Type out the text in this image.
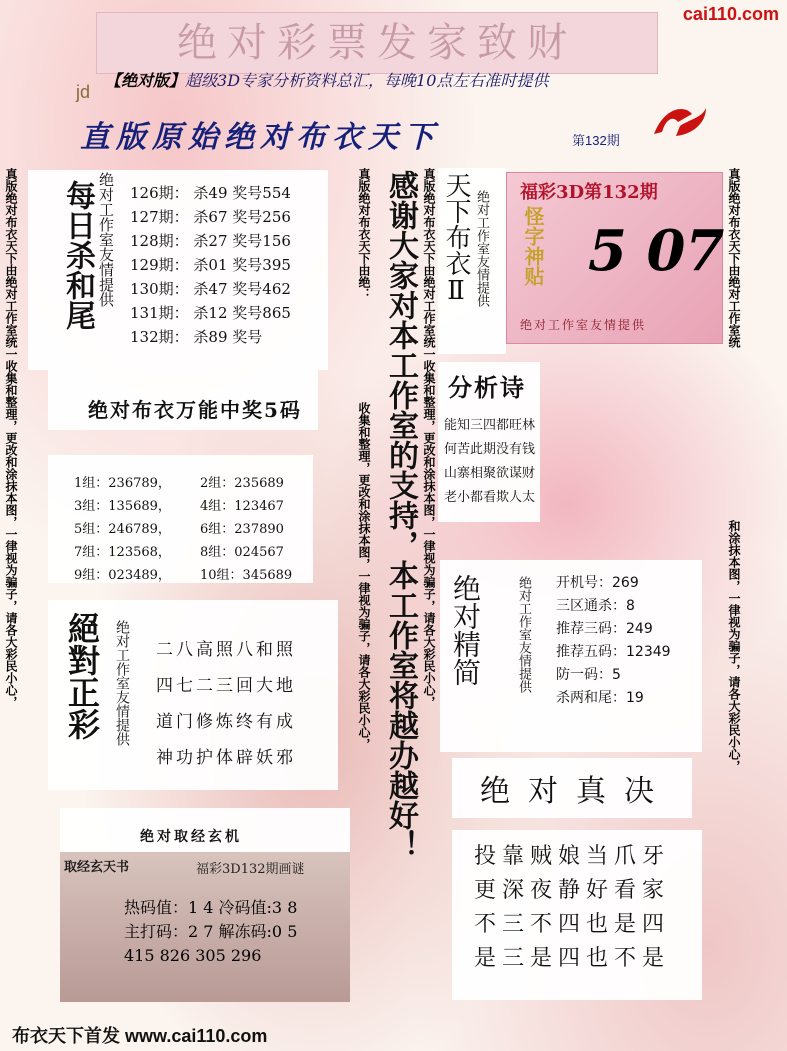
cai110.com
绝对彩票发家致财
【绝对版】超级3D专家分析资料总汇，每晚10点左右准时提供
jd
直版原始绝对布衣天下	第132期
真版绝对布衣天下由绝对工作室统一收集和整理，更改和涂抹本图，一律视为骗子，请各大彩民小心， 每日杀和尾 绝对工作室友情提供 126期： 杀49 奖号554
127期： 杀67 奖号256
128期： 杀27 奖号156
129期： 杀01 奖号395
130期： 杀47 奖号462
131期： 杀12 奖号865
132期： 杀89 奖号
绝对布衣万能中奖5码
1组：236789， 2组：235689
3组：135689， 4组：123467
5组：246789， 6组：237890
7组：123568， 8组：024567
9组：023489， 10组：345689
絕對正彩 绝对工作室友情提供 二八高照八和照
四七二三回大地
道门修炼终有成
神功护体辟妖邪
绝对取经玄机
取经玄天书	福彩3D132期画谜
热码值：1 4 冷码值:3 8
主打码：2 7 解冻码:0 5
415 826 305 296
真版绝对布衣天下由绝：
收集和整理，更改和涂抹本图，一律视为骗子，请各大彩民小心，	真版绝对布衣天下由绝对工作室统一收集和整理，更改和涂抹本图，一律视为骗子，请各大彩民小心，
感谢大家对本工作室的支持，本工作室将越办越好！ 天下布衣Ⅱ 绝对工作室友情提供 福彩3D第132期
怪字神贴 5 07
绝对工作室友情提供	真版绝对布衣天下由绝对工作室统
和涂抹本图，一律视为骗子，请各大彩民小心，
分析诗
能知三四都旺林
何苦此期没有钱
山寨相聚欲谋财
老小都看欺人太
绝对精简	绝对工作室友情提供 开机号：269
三区通杀：8
推荐三码：249
推荐五码：12349
防一码：5
杀两和尾：19
绝对真决
投靠贼娘当爪牙
更深夜静好看家
不三不四也是四
是三是四也不是
布衣天下首发 www.cai110.com
